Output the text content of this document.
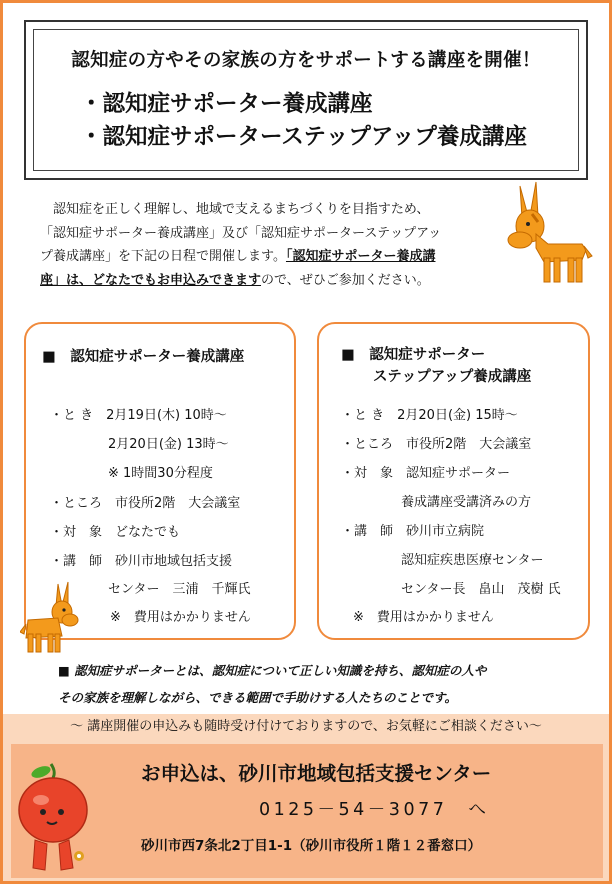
認知症の方やその家族の方をサポートする講座を開催！
・認知症サポーター養成講座
・認知症サポーターステップアップ養成講座
認知症を正しく理解し、地域で支えるまちづくりを目指すため、
「認知症サポーター養成講座」及び「認知症サポーターステップアッ
プ養成講座」を下記の日程で開催します。「認知症サポーター養成講
座」は、どなたでもお申込みできますので、ぜひご参加ください。
■　認知症サポーター養成講座
・と き　2月19日(木) 10時～
2月20日(金) 13時～
※ 1時間30分程度
・ところ　市役所2階　大会議室
・対　象　どなたでも
・講　師　砂川市地域包括支援
センター　三浦　千輝氏
※　費用はかかりません
■　認知症サポーター
ステップアップ養成講座
・と き　2月20日(金) 15時～
・ところ　市役所2階　大会議室
・対　象　認知症サポーター
養成講座受講済みの方
・講　師　砂川市立病院
認知症疾患医療センター
センター長　畠山　茂樹 氏
※　費用はかかりません
■ 認知症サポーターとは、認知症について正しい知識を持ち、認知症の人や
その家族を理解しながら、できる範囲で手助けする人たちのことです。
～ 講座開催の申込みも随時受け付けておりますので、お気軽にご相談ください～
お申込は、砂川市地域包括支援センター
0125－54－3077　へ
砂川市西7条北2丁目1-1（砂川市役所１階１２番窓口）
